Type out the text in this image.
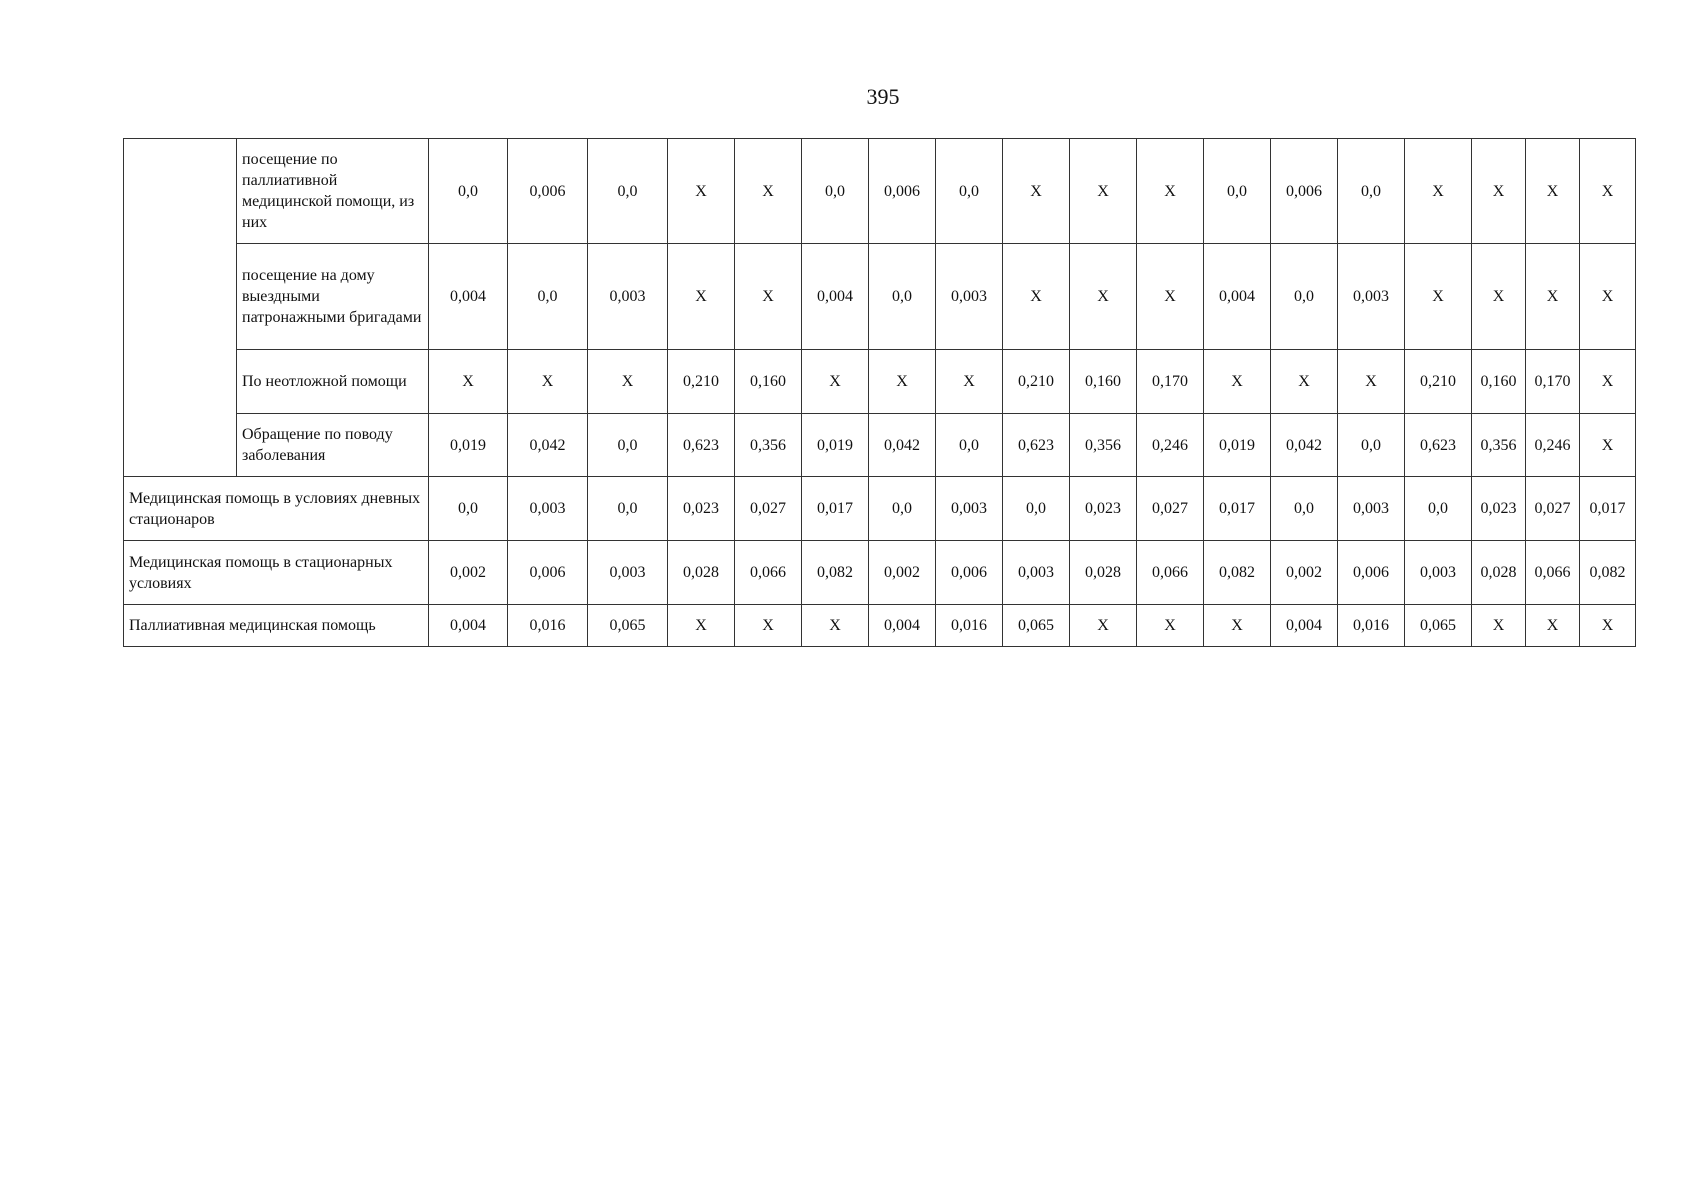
395
	посещение по паллиативной медицинской помощи, из них	0,0	0,006	0,0	Х	Х	0,0	0,006	0,0	Х	Х	Х	0,0	0,006	0,0	Х	Х	Х	Х
	посещение на дому выездными патронажными бригадами	0,004	0,0	0,003	Х	Х	0,004	0,0	0,003	Х	Х	Х	0,004	0,0	0,003	Х	Х	Х	Х
	По неотложной помощи	Х	Х	Х	0,210	0,160	Х	Х	Х	0,210	0,160	0,170	Х	Х	Х	0,210	0,160	0,170	Х
	Обращение по поводу заболевания	0,019	0,042	0,0	0,623	0,356	0,019	0,042	0,0	0,623	0,356	0,246	0,019	0,042	0,0	0,623	0,356	0,246	Х
Медицинская помощь в условиях дневных стационаров		0,0	0,003	0,0	0,023	0,027	0,017	0,0	0,003	0,0	0,023	0,027	0,017	0,0	0,003	0,0	0,023	0,027	0,017
Медицинская помощь в стационарных условиях		0,002	0,006	0,003	0,028	0,066	0,082	0,002	0,006	0,003	0,028	0,066	0,082	0,002	0,006	0,003	0,028	0,066	0,082
Паллиативная медицинская помощь		0,004	0,016	0,065	Х	Х	Х	0,004	0,016	0,065	Х	Х	Х	0,004	0,016	0,065	Х	Х	Х
